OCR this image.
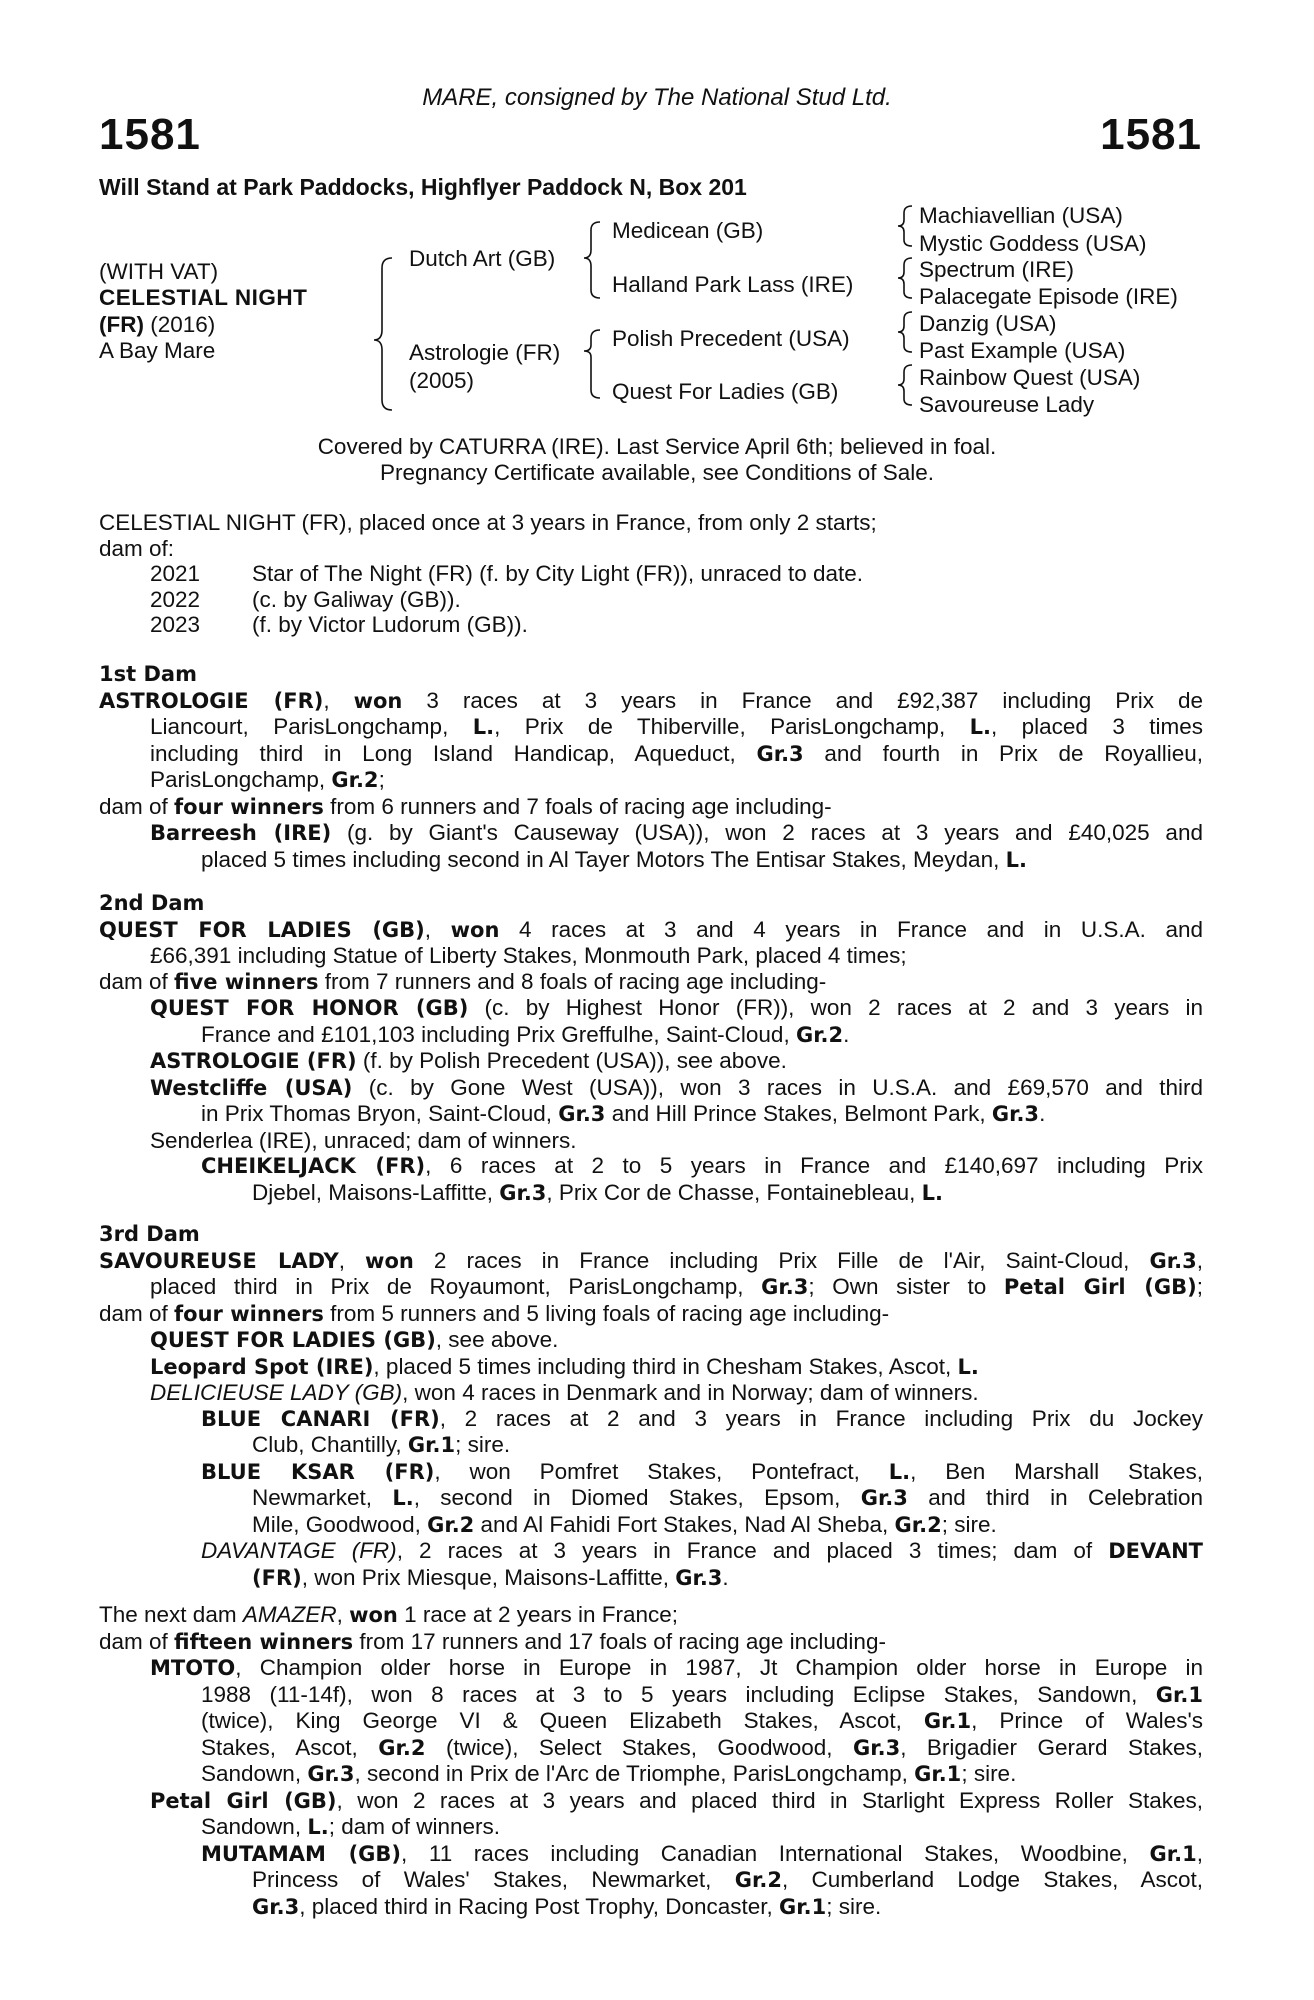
MARE, consigned by The National Stud Ltd.
1581	1581
Will Stand at Park Paddocks, Highflyer Paddock N, Box 201
(WITH VAT)
CELESTIAL NIGHT
(FR) (2016)
A Bay Mare
Dutch Art (GB)
Astrologie (FR)
(2005)
Medicean (GB)
Halland Park Lass (IRE)
Polish Precedent (USA)
Quest For Ladies (GB)
Machiavellian (USA)
Mystic Goddess (USA)
Spectrum (IRE)
Palacegate Episode (IRE)
Danzig (USA)
Past Example (USA)
Rainbow Quest (USA)
Savoureuse Lady
Covered by CATURRA (IRE). Last Service April 6th; believed in foal.
Pregnancy Certificate available, see Conditions of Sale.
CELESTIAL NIGHT (FR), placed once at 3 years in France, from only 2 starts;
dam of:
2021 Star of The Night (FR) (f. by City Light (FR)), unraced to date.
2022 (c. by Galiway (GB)).
2023 (f. by Victor Ludorum (GB)).
1st Dam
ASTROLOGIE (FR), won 3 races at 3 years in France and £92,387 including Prix de
Liancourt, ParisLongchamp, L., Prix de Thiberville, ParisLongchamp, L., placed 3 times
including third in Long Island Handicap, Aqueduct, Gr.3 and fourth in Prix de Royallieu,
ParisLongchamp, Gr.2;
dam of four winners from 6 runners and 7 foals of racing age including-
Barreesh (IRE) (g. by Giant's Causeway (USA)), won 2 races at 3 years and £40,025 and
placed 5 times including second in Al Tayer Motors The Entisar Stakes, Meydan, L.
2nd Dam
QUEST FOR LADIES (GB), won 4 races at 3 and 4 years in France and in U.S.A. and
£66,391 including Statue of Liberty Stakes, Monmouth Park, placed 4 times;
dam of five winners from 7 runners and 8 foals of racing age including-
QUEST FOR HONOR (GB) (c. by Highest Honor (FR)), won 2 races at 2 and 3 years in
France and £101,103 including Prix Greffulhe, Saint-Cloud, Gr.2.
ASTROLOGIE (FR) (f. by Polish Precedent (USA)), see above.
Westcliffe (USA) (c. by Gone West (USA)), won 3 races in U.S.A. and £69,570 and third
in Prix Thomas Bryon, Saint-Cloud, Gr.3 and Hill Prince Stakes, Belmont Park, Gr.3.
Senderlea (IRE), unraced; dam of winners.
CHEIKELJACK (FR), 6 races at 2 to 5 years in France and £140,697 including Prix
Djebel, Maisons-Laffitte, Gr.3, Prix Cor de Chasse, Fontainebleau, L.
3rd Dam
SAVOUREUSE LADY, won 2 races in France including Prix Fille de l'Air, Saint-Cloud, Gr.3,
placed third in Prix de Royaumont, ParisLongchamp, Gr.3; Own sister to Petal Girl (GB);
dam of four winners from 5 runners and 5 living foals of racing age including-
QUEST FOR LADIES (GB), see above.
Leopard Spot (IRE), placed 5 times including third in Chesham Stakes, Ascot, L.
DELICIEUSE LADY (GB), won 4 races in Denmark and in Norway; dam of winners.
BLUE CANARI (FR), 2 races at 2 and 3 years in France including Prix du Jockey
Club, Chantilly, Gr.1; sire.
BLUE KSAR (FR), won Pomfret Stakes, Pontefract, L., Ben Marshall Stakes,
Newmarket, L., second in Diomed Stakes, Epsom, Gr.3 and third in Celebration
Mile, Goodwood, Gr.2 and Al Fahidi Fort Stakes, Nad Al Sheba, Gr.2; sire.
DAVANTAGE (FR), 2 races at 3 years in France and placed 3 times; dam of DEVANT
(FR), won Prix Miesque, Maisons-Laffitte, Gr.3.
The next dam AMAZER, won 1 race at 2 years in France;
dam of fifteen winners from 17 runners and 17 foals of racing age including-
MTOTO, Champion older horse in Europe in 1987, Jt Champion older horse in Europe in
1988 (11-14f), won 8 races at 3 to 5 years including Eclipse Stakes, Sandown, Gr.1
(twice), King George VI & Queen Elizabeth Stakes, Ascot, Gr.1, Prince of Wales's
Stakes, Ascot, Gr.2 (twice), Select Stakes, Goodwood, Gr.3, Brigadier Gerard Stakes,
Sandown, Gr.3, second in Prix de l'Arc de Triomphe, ParisLongchamp, Gr.1; sire.
Petal Girl (GB), won 2 races at 3 years and placed third in Starlight Express Roller Stakes,
Sandown, L.; dam of winners.
MUTAMAM (GB), 11 races including Canadian International Stakes, Woodbine, Gr.1,
Princess of Wales' Stakes, Newmarket, Gr.2, Cumberland Lodge Stakes, Ascot,
Gr.3, placed third in Racing Post Trophy, Doncaster, Gr.1; sire.
